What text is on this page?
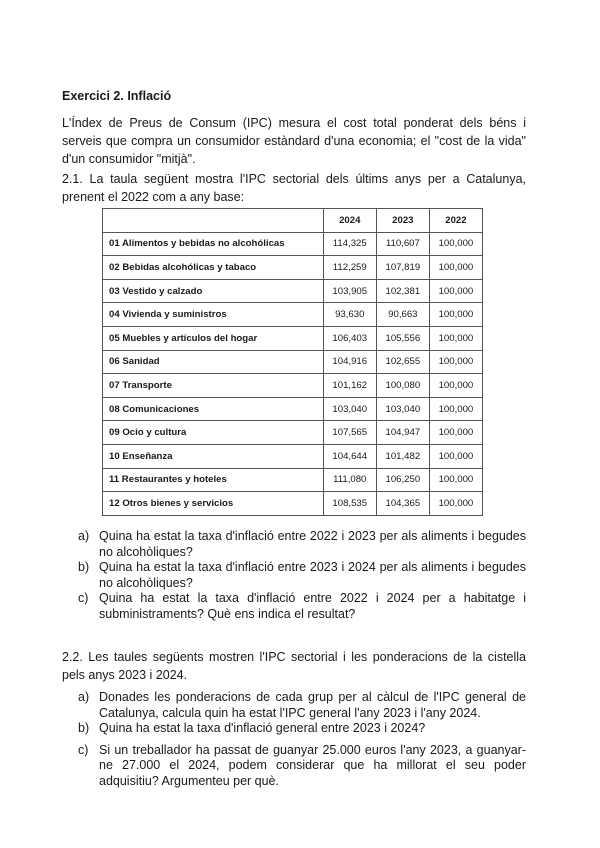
Exercici 2. Inflació
L'Índex de Preus de Consum (IPC) mesura el cost total ponderat dels béns i serveis que compra un consumidor estàndard d'una economia; el "cost de la vida" d'un consumidor "mitjà".
2.1. La taula següent mostra l'IPC sectorial dels últims anys per a Catalunya, prenent el 2022 com a any base:
	2024	2023	2022
01 Alimentos y bebidas no alcohólicas	114,325	110,607	100,000
02 Bebidas alcohólicas y tabaco	112,259	107,819	100,000
03 Vestido y calzado	103,905	102,381	100,000
04 Vivienda y suministros	93,630	90,663	100,000
05 Muebles y artículos del hogar	106,403	105,556	100,000
06 Sanidad	104,916	102,655	100,000
07 Transporte	101,162	100,080	100,000
08 Comunicaciones	103,040	103,040	100,000
09 Ocio y cultura	107,565	104,947	100,000
10 Enseñanza	104,644	101,482	100,000
11 Restaurantes y hoteles	111,080	106,250	100,000
12 Otros bienes y servicios	108,535	104,365	100,000
a) Quina ha estat la taxa d'inflació entre 2022 i 2023 per als aliments i begudes no alcohòliques?
b) Quina ha estat la taxa d'inflació entre 2023 i 2024 per als aliments i begudes no alcohòliques?
c) Quina ha estat la taxa d'inflació entre 2022 i 2024 per a habitatge i subministraments? Què ens indica el resultat?
2.2. Les taules següents mostren l'IPC sectorial i les ponderacions de la cistella pels anys 2023 i 2024.
a) Donades les ponderacions de cada grup per al càlcul de l'IPC general de Catalunya, calcula quin ha estat l'IPC general l'any 2023 i l'any 2024.
b) Quina ha estat la taxa d'inflació general entre 2023 i 2024?
c) Si un treballador ha passat de guanyar 25.000 euros l'any 2023, a guanyar-ne 27.000 el 2024, podem considerar que ha millorat el seu poder adquisitiu? Argumenteu per què.
